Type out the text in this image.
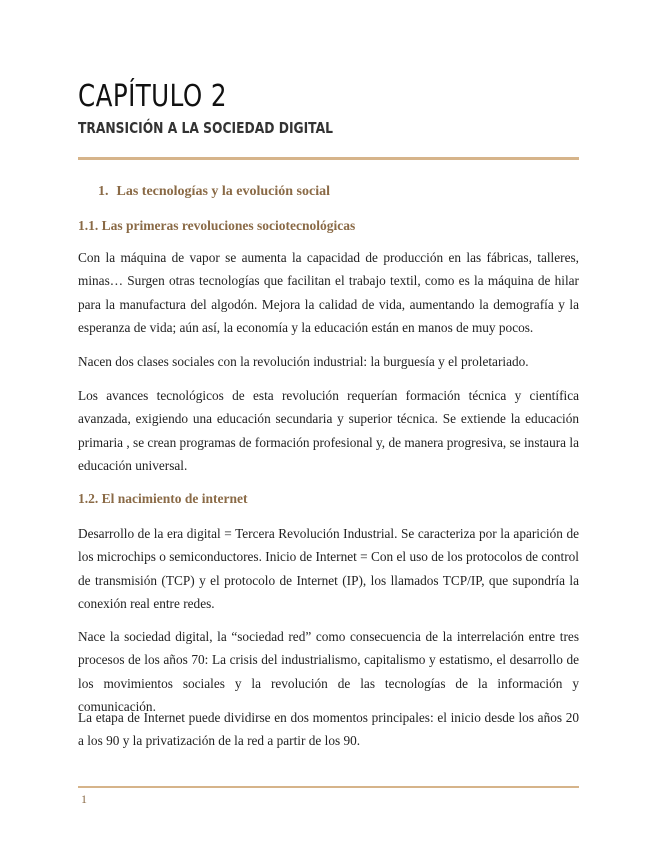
CAPÍTULO 2
TRANSICIÓN A LA SOCIEDAD DIGITAL
1. Las tecnologías y la evolución social
1.1. Las primeras revoluciones sociotecnológicas

Con la máquina de vapor se aumenta la capacidad de producción en las fábricas, talleres, minas… Surgen otras tecnologías que facilitan el trabajo textil, como es la máquina de hilar para la manufactura del algodón. Mejora la calidad de vida, aumentando la demografía y la esperanza de vida; aún así, la economía y la educación están en manos de muy pocos.

Nacen dos clases sociales con la revolución industrial: la burguesía y el proletariado.

Los avances tecnológicos de esta revolución requerían formación técnica y científica avanzada, exigiendo una educación secundaria y superior técnica. Se extiende la educación primaria , se crean programas de formación profesional y, de manera progresiva, se instaura la educación universal.

1.2. El nacimiento de internet

Desarrollo de la era digital = Tercera Revolución Industrial. Se caracteriza por la aparición de los microchips o semiconductores. Inicio de Internet = Con el uso de los protocolos de control de transmisión (TCP) y el protocolo de Internet (IP), los llamados TCP/IP, que supondría la conexión real entre redes.

Nace la sociedad digital, la “sociedad red” como consecuencia de la interrelación entre tres procesos de los años 70: La crisis del industrialismo, capitalismo y estatismo, el desarrollo de los movimientos sociales y la revolución de las tecnologías de la información y comunicación.

La etapa de Internet puede dividirse en dos momentos principales: el inicio desde los años 20 a los 90 y la privatización de la red a partir de los 90.

1
